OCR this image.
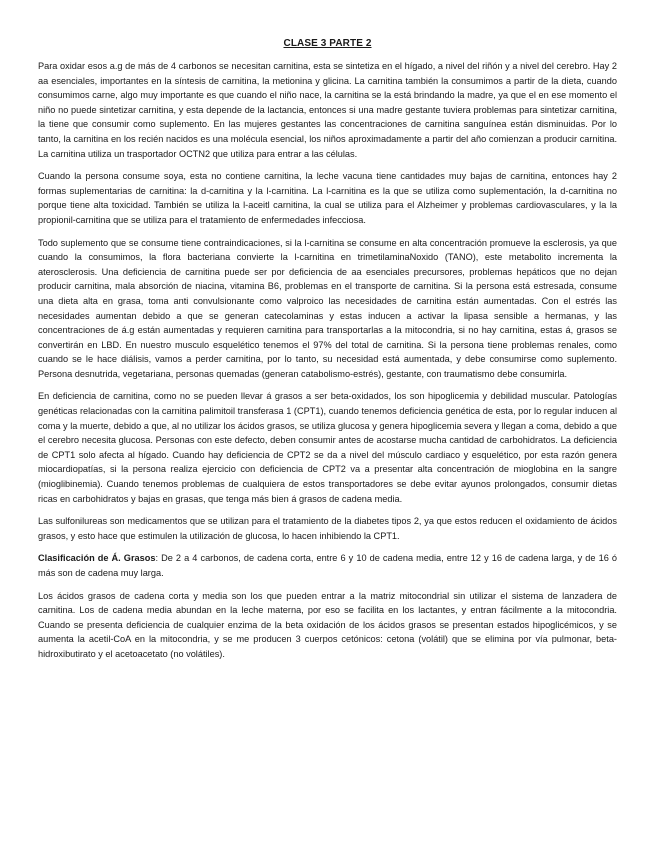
CLASE 3 PARTE 2

Para oxidar esos a.g de más de 4 carbonos se necesitan carnitina, esta se sintetiza en el hígado, a nivel del riñón y a nivel del cerebro. Hay 2 aa esenciales, importantes en la síntesis de carnitina, la metionina y glicina. La carnitina también la consumimos a partir de la dieta, cuando consumimos carne, algo muy importante es que cuando el niño nace, la carnitina se la está brindando la madre, ya que el en ese momento el niño no puede sintetizar carnitina, y esta depende de la lactancia, entonces si una madre gestante tuviera problemas para sintetizar carnitina, la tiene que consumir como suplemento. En las mujeres gestantes las concentraciones de carnitina sanguínea están disminuidas. Por lo tanto, la carnitina en los recién nacidos es una molécula esencial, los niños aproximadamente a partir del año comienzan a producir carnitina. La carnitina utiliza un trasportador OCTN2 que utiliza para entrar a las células.

Cuando la persona consume soya, esta no contiene carnitina, la leche vacuna tiene cantidades muy bajas de carnitina, entonces hay 2 formas suplementarias de carnitina: la d-carnitina y la l-carnitina. La l-carnitina es la que se utiliza como suplementación, la d-carnitina no porque tiene alta toxicidad. También se utiliza la l-aceitl carnitina, la cual se utiliza para el Alzheimer y problemas cardiovasculares, y la la propionil-carnitina que se utiliza para el tratamiento de enfermedades infecciosa.

Todo suplemento que se consume tiene contraindicaciones, si la l-carnitina se consume en alta concentración promueve la esclerosis, ya que cuando la consumimos, la flora bacteriana convierte la l-carnitina en trimetilaminaNoxido (TANO), este metabolito incrementa la aterosclerosis. Una deficiencia de carnitina puede ser por deficiencia de aa esenciales precursores, problemas hepáticos que no dejan producir carnitina, mala absorción de niacina, vitamina B6, problemas en el transporte de carnitina. Si la persona está estresada, consume una dieta alta en grasa, toma anti convulsionante como valproico las necesidades de carnitina están aumentadas. Con el estrés las necesidades aumentan debido a que se generan catecolaminas y estas inducen a activar la lipasa sensible a hermanas, y las concentraciones de á.g están aumentadas y requieren carnitina para transportarlas a la mitocondria, si no hay carnitina, estas á, grasos se convertirán en LBD. En nuestro musculo esquelético tenemos el 97% del total de carnitina. Si la persona tiene problemas renales, como cuando se le hace diálisis, vamos a perder carnitina, por lo tanto, su necesidad está aumentada, y debe consumirse como suplemento. Persona desnutrida, vegetariana, personas quemadas (generan catabolismo-estrés), gestante, con traumatismo debe consumirla.

En deficiencia de carnitina, como no se pueden llevar á grasos a ser beta-oxidados, los son hipoglicemia y debilidad muscular. Patologías genéticas relacionadas con la carnitina palimitoil transferasa 1 (CPT1), cuando tenemos deficiencia genética de esta, por lo regular inducen al coma y la muerte, debido a que, al no utilizar los ácidos grasos, se utiliza glucosa y genera hipoglicemia severa y llegan a coma, debido a que el cerebro necesita glucosa. Personas con este defecto, deben consumir antes de acostarse mucha cantidad de carbohidratos. La deficiencia de CPT1 solo afecta al hígado. Cuando hay deficiencia de CPT2 se da a nivel del músculo cardiaco y esquelético, por esta razón genera miocardiopatías, si la persona realiza ejercicio con deficiencia de CPT2 va a presentar alta concentración de mioglobina en la sangre (mioglibinemia). Cuando tenemos problemas de cualquiera de estos transportadores se debe evitar ayunos prolongados, consumir dietas ricas en carbohidratos y bajas en grasas, que tenga más bien á grasos de cadena media.

Las sulfonilureas son medicamentos que se utilizan para el tratamiento de la diabetes tipos 2, ya que estos reducen el oxidamiento de ácidos grasos, y esto hace que estimulen la utilización de glucosa, lo hacen inhibiendo la CPT1.

Clasificación de Á. Grasos: De 2 a 4 carbonos, de cadena corta, entre 6 y 10 de cadena media, entre 12 y 16 de cadena larga, y de 16 ó más son de cadena muy larga.

Los ácidos grasos de cadena corta y media son los que pueden entrar a la matriz mitocondrial sin utilizar el sistema de lanzadera de carnitina. Los de cadena media abundan en la leche materna, por eso se facilita en los lactantes, y entran fácilmente a la mitocondria. Cuando se presenta deficiencia de cualquier enzima de la beta oxidación de los ácidos grasos se presentan estados hipoglicémicos, y se aumenta la acetil-CoA en la mitocondria, y se me producen 3 cuerpos cetónicos: cetona (volátil) que se elimina por vía pulmonar, beta-hidroxibutirato y el acetoacetato (no volátiles).
